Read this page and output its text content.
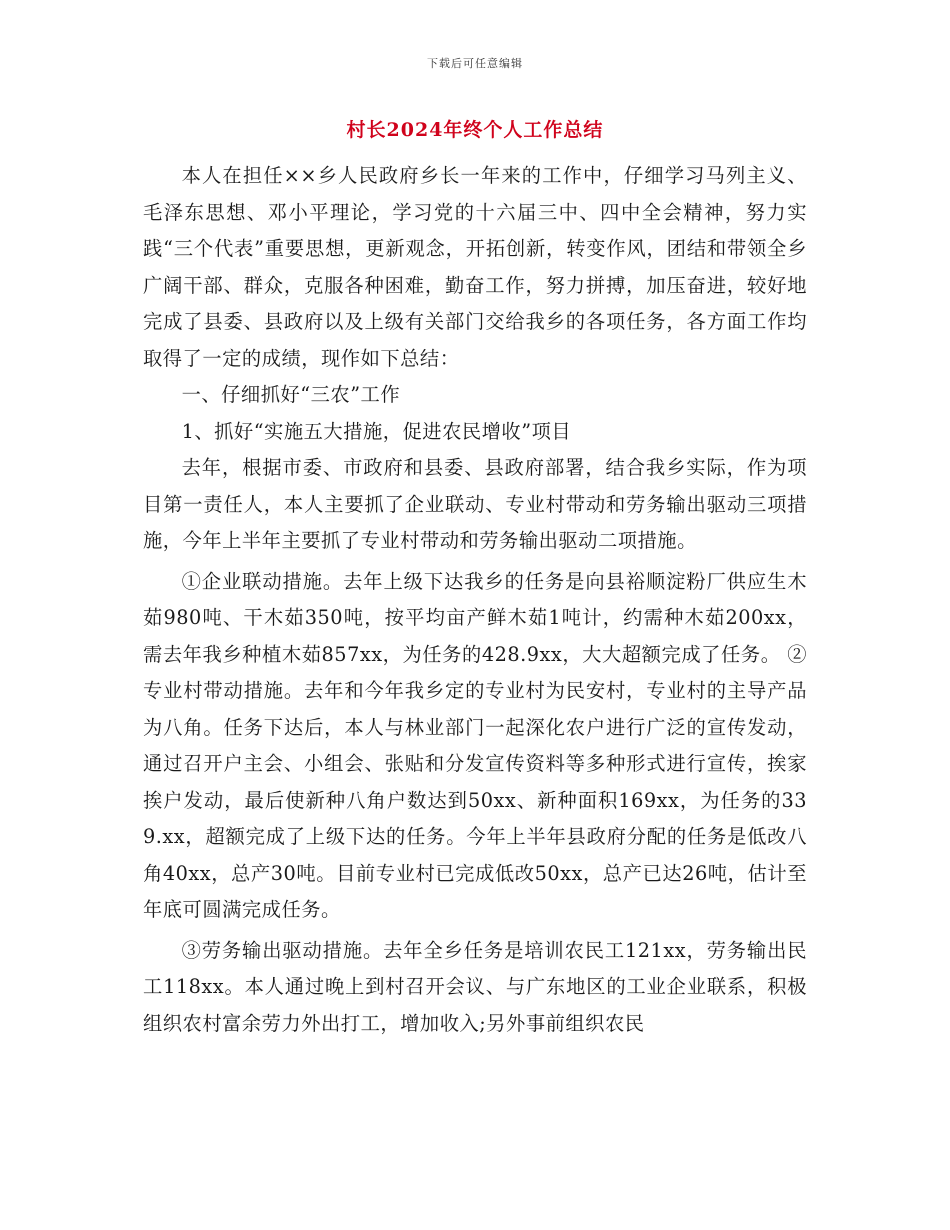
下载后可任意编辑
村长2024年终个人工作总结

本人在担任××乡人民政府乡长一年来的工作中，仔细学习马列主义、毛泽东思想、邓小平理论，学习党的十六届三中、四中全会精神，努力实践“三个代表”重要思想，更新观念，开拓创新，转变作风，团结和带领全乡广阔干部、群众，克服各种困难，勤奋工作，努力拼搏，加压奋进，较好地完成了县委、县政府以及上级有关部门交给我乡的各项任务，各方面工作均取得了一定的成绩，现作如下总结：

一、仔细抓好“三农”工作

1、抓好“实施五大措施，促进农民增收”项目

去年，根据市委、市政府和县委、县政府部署，结合我乡实际，作为项目第一责任人，本人主要抓了企业联动、专业村带动和劳务输出驱动三项措施，今年上半年主要抓了专业村带动和劳务输出驱动二项措施。

①企业联动措施。去年上级下达我乡的任务是向县裕顺淀粉厂供应生木茹980吨、干木茹350吨，按平均亩产鲜木茹1吨计，约需种木茹200xx，需去年我乡种植木茹857xx，为任务的428.9xx，大大超额完成了任务。 ②专业村带动措施。去年和今年我乡定的专业村为民安村，专业村的主导产品为八角。任务下达后，本人与林业部门一起深化农户进行广泛的宣传发动，通过召开户主会、小组会、张贴和分发宣传资料等多种形式进行宣传，挨家挨户发动，最后使新种八角户数达到50xx、新种面积169xx，为任务的339.xx，超额完成了上级下达的任务。今年上半年县政府分配的任务是低改八角40xx，总产30吨。目前专业村已完成低改50xx，总产已达26吨，估计至年底可圆满完成任务。

③劳务输出驱动措施。去年全乡任务是培训农民工121xx，劳务输出民工118xx。本人通过晚上到村召开会议、与广东地区的工业企业联系，积极组织农村富余劳力外出打工，增加收入;另外事前组织农民
